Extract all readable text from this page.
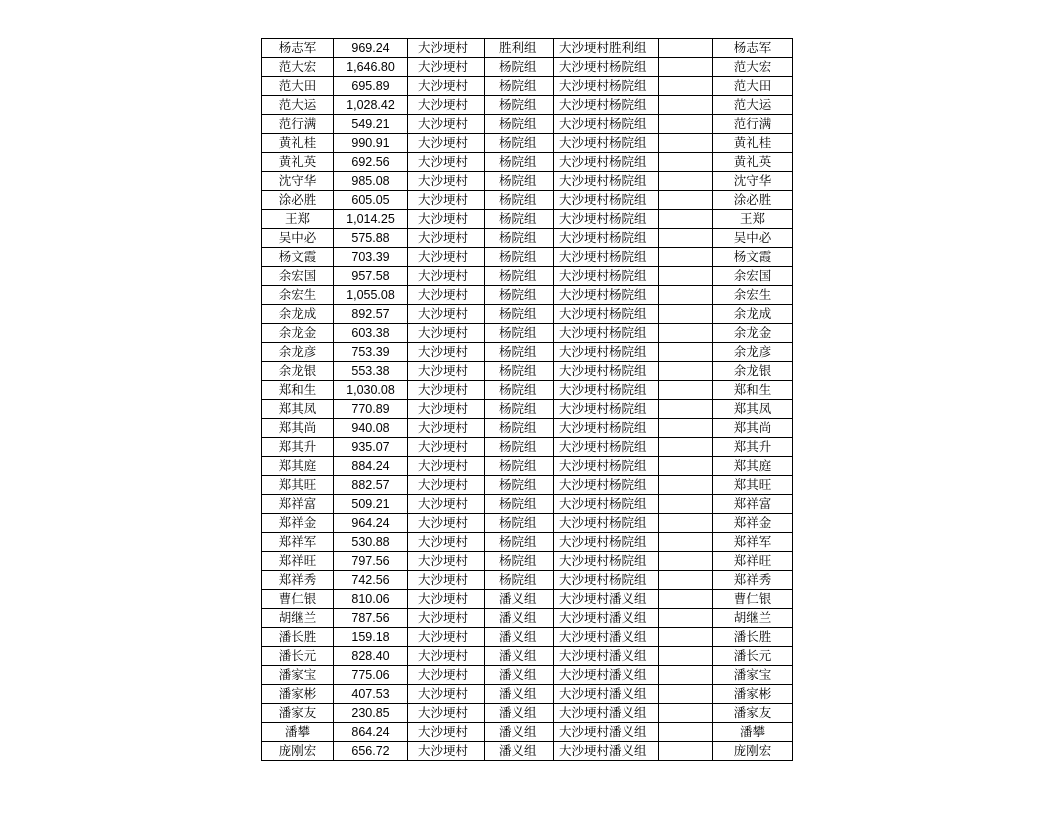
杨志军	969.24	大沙埂村	胜利组	大沙埂村胜利组		杨志军
范大宏	1,646.80	大沙埂村	杨院组	大沙埂村杨院组		范大宏
范大田	695.89	大沙埂村	杨院组	大沙埂村杨院组		范大田
范大运	1,028.42	大沙埂村	杨院组	大沙埂村杨院组		范大运
范行满	549.21	大沙埂村	杨院组	大沙埂村杨院组		范行满
黄礼桂	990.91	大沙埂村	杨院组	大沙埂村杨院组		黄礼桂
黄礼英	692.56	大沙埂村	杨院组	大沙埂村杨院组		黄礼英
沈守华	985.08	大沙埂村	杨院组	大沙埂村杨院组		沈守华
涂必胜	605.05	大沙埂村	杨院组	大沙埂村杨院组		涂必胜
王郑	1,014.25	大沙埂村	杨院组	大沙埂村杨院组		王郑
吴中必	575.88	大沙埂村	杨院组	大沙埂村杨院组		吴中必
杨文霞	703.39	大沙埂村	杨院组	大沙埂村杨院组		杨文霞
余宏国	957.58	大沙埂村	杨院组	大沙埂村杨院组		余宏国
余宏生	1,055.08	大沙埂村	杨院组	大沙埂村杨院组		余宏生
余龙成	892.57	大沙埂村	杨院组	大沙埂村杨院组		余龙成
余龙金	603.38	大沙埂村	杨院组	大沙埂村杨院组		余龙金
余龙彦	753.39	大沙埂村	杨院组	大沙埂村杨院组		余龙彦
余龙银	553.38	大沙埂村	杨院组	大沙埂村杨院组		余龙银
郑和生	1,030.08	大沙埂村	杨院组	大沙埂村杨院组		郑和生
郑其凤	770.89	大沙埂村	杨院组	大沙埂村杨院组		郑其凤
郑其尚	940.08	大沙埂村	杨院组	大沙埂村杨院组		郑其尚
郑其升	935.07	大沙埂村	杨院组	大沙埂村杨院组		郑其升
郑其庭	884.24	大沙埂村	杨院组	大沙埂村杨院组		郑其庭
郑其旺	882.57	大沙埂村	杨院组	大沙埂村杨院组		郑其旺
郑祥富	509.21	大沙埂村	杨院组	大沙埂村杨院组		郑祥富
郑祥金	964.24	大沙埂村	杨院组	大沙埂村杨院组		郑祥金
郑祥军	530.88	大沙埂村	杨院组	大沙埂村杨院组		郑祥军
郑祥旺	797.56	大沙埂村	杨院组	大沙埂村杨院组		郑祥旺
郑祥秀	742.56	大沙埂村	杨院组	大沙埂村杨院组		郑祥秀
曹仁银	810.06	大沙埂村	潘义组	大沙埂村潘义组		曹仁银
胡继兰	787.56	大沙埂村	潘义组	大沙埂村潘义组		胡继兰
潘长胜	159.18	大沙埂村	潘义组	大沙埂村潘义组		潘长胜
潘长元	828.40	大沙埂村	潘义组	大沙埂村潘义组		潘长元
潘家宝	775.06	大沙埂村	潘义组	大沙埂村潘义组		潘家宝
潘家彬	407.53	大沙埂村	潘义组	大沙埂村潘义组		潘家彬
潘家友	230.85	大沙埂村	潘义组	大沙埂村潘义组		潘家友
潘攀	864.24	大沙埂村	潘义组	大沙埂村潘义组		潘攀
庞刚宏	656.72	大沙埂村	潘义组	大沙埂村潘义组		庞刚宏
